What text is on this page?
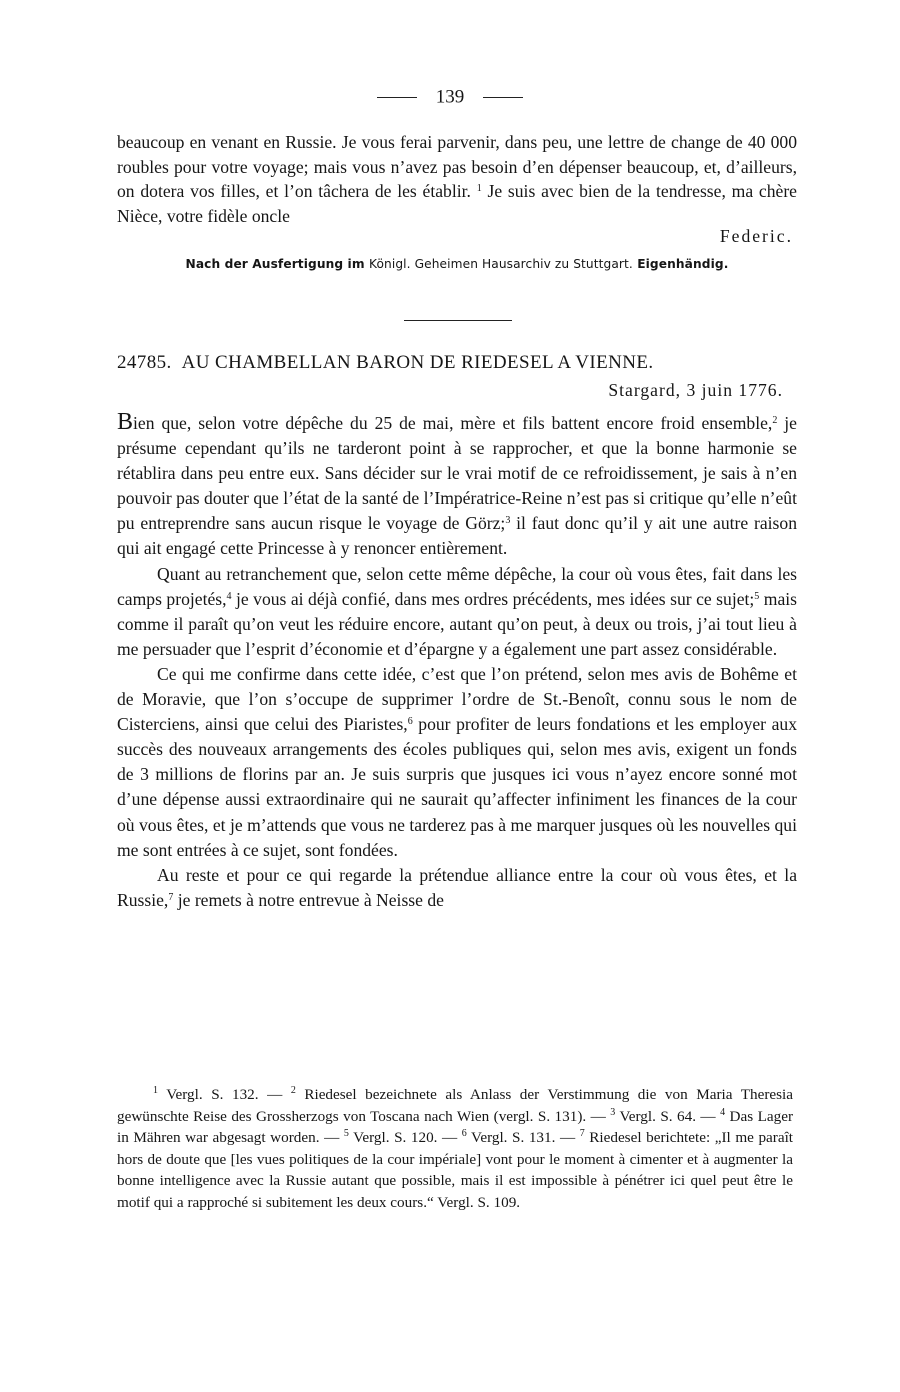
139

beaucoup en venant en Russie. Je vous ferai parvenir, dans peu, une lettre de change de 40 000 roubles pour votre voyage; mais vous n’avez pas besoin d’en dépenser beaucoup, et, d’ailleurs, on dotera vos filles, et l’on tâchera de les établir. $^1$ Je suis avec bien de la tendresse, ma chère Nièce, votre fidèle oncle

Federic.
Nach der Ausfertigung im Königl. Geheimen Hausarchiv zu Stuttgart. Eigenhändig.
24785. AU CHAMBELLAN BARON DE RIEDESEL A VIENNE.
Stargard, 3 juin 1776.

Bien que, selon votre dépêche du 25 de mai, mère et fils battent encore froid ensemble,$^2$ je présume cependant qu’ils ne tarderont point à se rapprocher, et que la bonne harmonie se rétablira dans peu entre eux. Sans décider sur le vrai motif de ce refroidissement, je sais à n’en pouvoir pas douter que l’état de la santé de l’Impératrice-Reine n’est pas si critique qu’elle n’eût pu entreprendre sans aucun risque le voyage de Görz;$^3$ il faut donc qu’il y ait une autre raison qui ait engagé cette Princesse à y renoncer entièrement.

Quant au retranchement que, selon cette même dépêche, la cour où vous êtes, fait dans les camps projetés,$^4$ je vous ai déjà confié, dans mes ordres précédents, mes idées sur ce sujet;$^5$ mais comme il paraît qu’on veut les réduire encore, autant qu’on peut, à deux ou trois, j’ai tout lieu à me persuader que l’esprit d’économie et d’épargne y a également une part assez considérable.

Ce qui me confirme dans cette idée, c’est que l’on prétend, selon mes avis de Bohême et de Moravie, que l’on s’occupe de supprimer l’ordre de St.-Benoît, connu sous le nom de Cisterciens, ainsi que celui des Piaristes,$^6$ pour profiter de leurs fondations et les employer aux succès des nouveaux arrangements des écoles publiques qui, selon mes avis, exigent un fonds de 3 millions de florins par an. Je suis surpris que jusques ici vous n’ayez encore sonné mot d’une dépense aussi extraordinaire qui ne saurait qu’affecter infiniment les finances de la cour où vous êtes, et je m’attends que vous ne tarderez pas à me marquer jusques où les nouvelles qui me sont entrées à ce sujet, sont fondées.

Au reste et pour ce qui regarde la prétendue alliance entre la cour où vous êtes, et la Russie,$^7$ je remets à notre entrevue à Neisse de

$^1$ Vergl. S. 132. — $^2$ Riedesel bezeichnete als Anlass der Verstimmung die von Maria Theresia gewünschte Reise des Grossherzogs von Toscana nach Wien (vergl. S. 131). — $^3$ Vergl. S. 64. — $^4$ Das Lager in Mähren war abgesagt worden. — $^5$ Vergl. S. 120. — $^6$ Vergl. S. 131. — $^7$ Riedesel berichtete: „Il me paraît hors de doute que [les vues politiques de la cour impériale] vont pour le moment à cimenter et à augmenter la bonne intelligence avec la Russie autant que possible, mais il est impossible à pénétrer ici quel peut être le motif qui a rapproché si subitement les deux cours.“ Vergl. S. 109.
